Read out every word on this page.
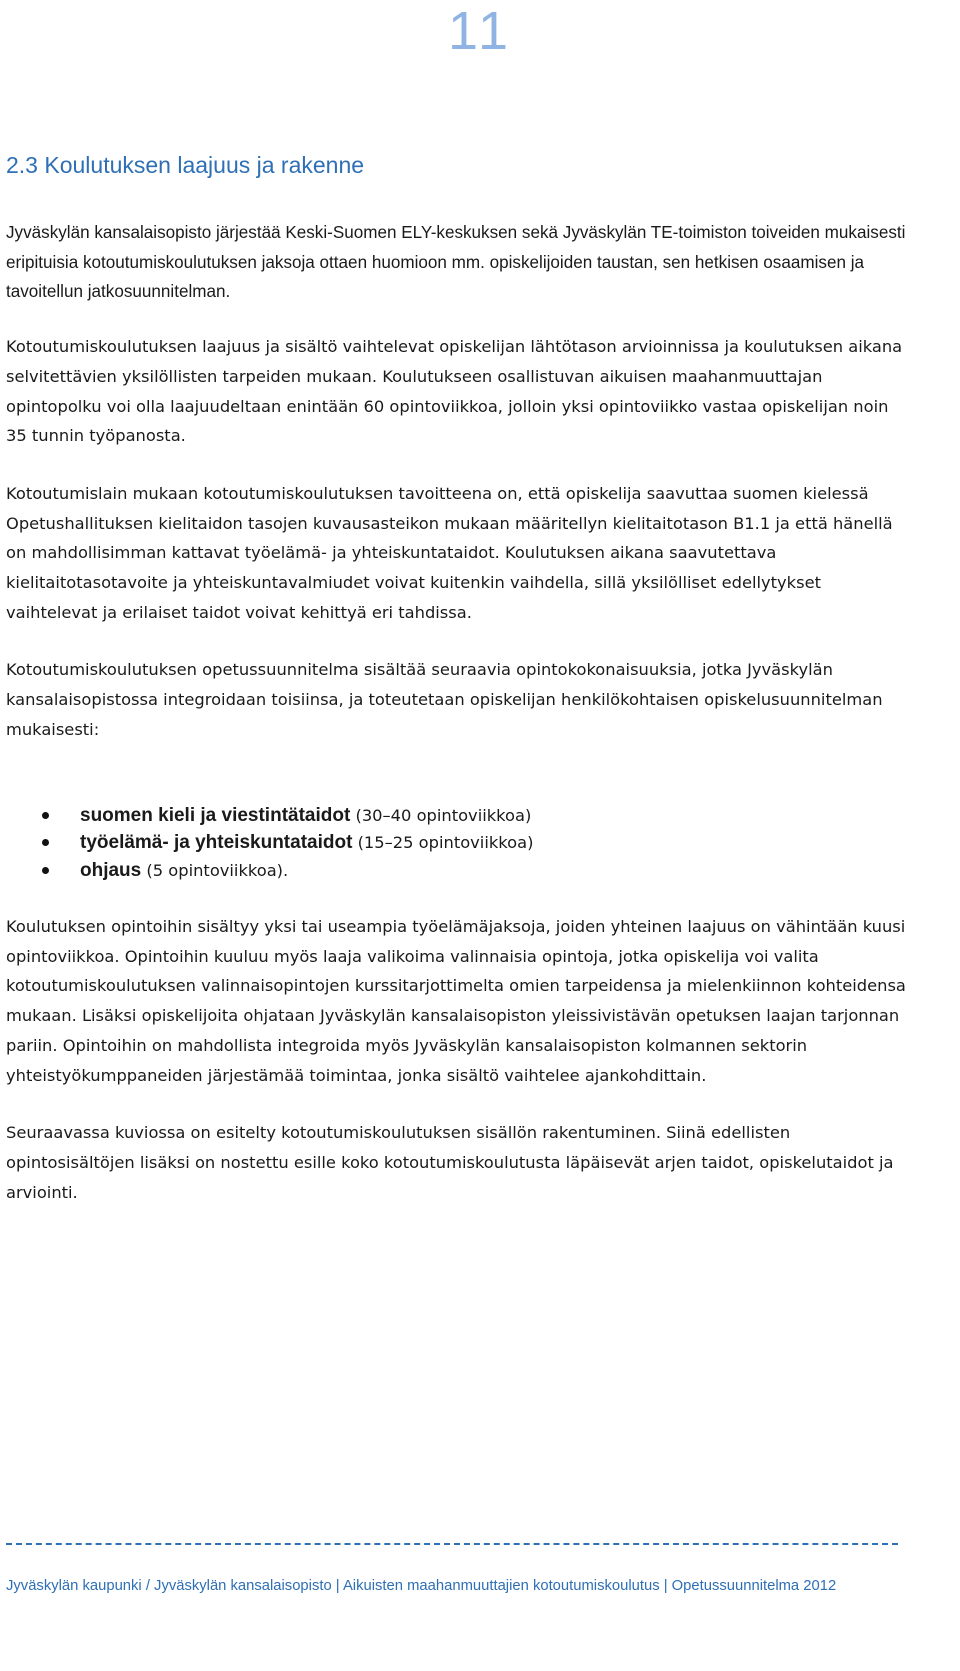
11
2.3 Koulutuksen laajuus ja rakenne

Jyväskylän kansalaisopisto järjestää Keski-Suomen ELY-keskuksen sekä Jyväskylän TE-toimiston toiveiden mukaisesti eripituisia kotoutumiskoulutuksen jaksoja ottaen huomioon mm. opiskelijoiden taustan, sen hetkisen osaamisen ja tavoitellun jatkosuunnitelman.

Kotoutumiskoulutuksen laajuus ja sisältö vaihtelevat opiskelijan lähtötason arvioinnissa ja koulutuksen aikana selvitettävien yksilöllisten tarpeiden mukaan. Koulutukseen osallistuvan aikuisen maahanmuuttajan opintopolku voi olla laajuudeltaan enintään 60 opintoviikkoa, jolloin yksi opintoviikko vastaa opiskelijan noin 35 tunnin työpanosta.

Kotoutumislain mukaan kotoutumiskoulutuksen tavoitteena on, että opiskelija saavuttaa suomen kielessä Opetushallituksen kielitaidon tasojen kuvausasteikon mukaan määritellyn kielitaitotason B1.1 ja että hänellä on mahdollisimman kattavat työelämä- ja yhteiskuntataidot. Koulutuksen aikana saavutettava kielitaitotasotavoite ja yhteiskuntavalmiudet voivat kuitenkin vaihdella, sillä yksilölliset edellytykset vaihtelevat ja erilaiset taidot voivat kehittyä eri tahdissa.

Kotoutumiskoulutuksen opetussuunnitelma sisältää seuraavia opintokokonaisuuksia, jotka Jyväskylän kansalaisopistossa integroidaan toisiinsa, ja toteutetaan opiskelijan henkilökohtaisen opiskelusuunnitelman mukaisesti:

suomen kieli ja viestintätaidot (30–40 opintoviikkoa)
työelämä- ja yhteiskuntataidot (15–25 opintoviikkoa)
ohjaus (5 opintoviikkoa).

Koulutuksen opintoihin sisältyy yksi tai useampia työelämäjaksoja, joiden yhteinen laajuus on vähintään kuusi opintoviikkoa. Opintoihin kuuluu myös laaja valikoima valinnaisia opintoja, jotka opiskelija voi valita kotoutumiskoulutuksen valinnaisopintojen kurssitarjottimelta omien tarpeidensa ja mielenkiinnon kohteidensa mukaan. Lisäksi opiskelijoita ohjataan Jyväskylän kansalaisopiston yleissivistävän opetuksen laajan tarjonnan pariin. Opintoihin on mahdollista integroida myös Jyväskylän kansalaisopiston kolmannen sektorin yhteistyökumppaneiden järjestämää toimintaa, jonka sisältö vaihtelee ajankohdittain.

Seuraavassa kuviossa on esitelty kotoutumiskoulutuksen sisällön rakentuminen. Siinä edellisten opintosisältöjen lisäksi on nostettu esille koko kotoutumiskoulutusta läpäisevät arjen taidot, opiskelutaidot ja arviointi.

Jyväskylän kaupunki / Jyväskylän kansalaisopisto | Aikuisten maahanmuuttajien kotoutumiskoulutus | Opetussuunnitelma 2012
